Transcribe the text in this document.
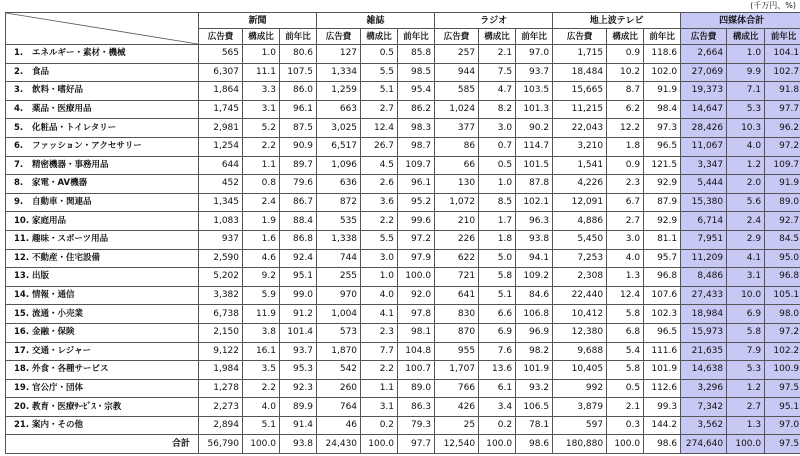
(千万円、%)
	新聞			雑誌			ラジオ			地上波テレビ			四媒体合計		
	広告費	構成比	前年比	広告費	構成比	前年比	広告費	構成比	前年比	広告費	構成比	前年比	広告費	構成比	前年比
1. エネルギー・素材・機械	565	1.0	80.6	127	0.5	85.8	257	2.1	97.0	1,715	0.9	118.6	2,664	1.0	104.1
2. 食品	6,307	11.1	107.5	1,334	5.5	98.5	944	7.5	93.7	18,484	10.2	102.0	27,069	9.9	102.7
3. 飲料・嗜好品	1,864	3.3	86.0	1,259	5.1	95.4	585	4.7	103.5	15,665	8.7	91.9	19,373	7.1	91.8
4. 薬品・医療用品	1,745	3.1	96.1	663	2.7	86.2	1,024	8.2	101.3	11,215	6.2	98.4	14,647	5.3	97.7
5. 化粧品・トイレタリー	2,981	5.2	87.5	3,025	12.4	98.3	377	3.0	90.2	22,043	12.2	97.3	28,426	10.3	96.2
6. ファッション・アクセサリー	1,254	2.2	90.9	6,517	26.7	98.7	86	0.7	114.7	3,210	1.8	96.5	11,067	4.0	97.2
7. 精密機器・事務用品	644	1.1	89.7	1,096	4.5	109.7	66	0.5	101.5	1,541	0.9	121.5	3,347	1.2	109.7
8. 家電・AV機器	452	0.8	79.6	636	2.6	96.1	130	1.0	87.8	4,226	2.3	92.9	5,444	2.0	91.9
9. 自動車・関連品	1,345	2.4	86.7	872	3.6	95.2	1,072	8.5	102.1	12,091	6.7	87.9	15,380	5.6	89.0
10. 家庭用品	1,083	1.9	88.4	535	2.2	99.6	210	1.7	96.3	4,886	2.7	92.9	6,714	2.4	92.7
11. 趣味・スポーツ用品	937	1.6	86.8	1,338	5.5	97.2	226	1.8	93.8	5,450	3.0	81.1	7,951	2.9	84.5
12. 不動産・住宅設備	2,590	4.6	92.4	744	3.0	97.9	622	5.0	94.1	7,253	4.0	95.7	11,209	4.1	95.0
13. 出版	5,202	9.2	95.1	255	1.0	100.0	721	5.8	109.2	2,308	1.3	96.8	8,486	3.1	96.8
14. 情報・通信	3,382	5.9	99.0	970	4.0	92.0	641	5.1	84.6	22,440	12.4	107.6	27,433	10.0	105.1
15. 流通・小売業	6,738	11.9	91.2	1,004	4.1	97.8	830	6.6	106.8	10,412	5.8	102.3	18,984	6.9	98.0
16. 金融・保険	2,150	3.8	101.4	573	2.3	98.1	870	6.9	96.9	12,380	6.8	96.5	15,973	5.8	97.2
17. 交通・レジャー	9,122	16.1	93.7	1,870	7.7	104.8	955	7.6	98.2	9,688	5.4	111.6	21,635	7.9	102.2
18. 外食・各種サービス	1,984	3.5	95.3	542	2.2	100.7	1,707	13.6	101.9	10,405	5.8	101.9	14,638	5.3	100.9
19. 官公庁・団体	1,278	2.2	92.3	260	1.1	89.0	766	6.1	93.2	992	0.5	112.6	3,296	1.2	97.5
20. 教育・医療ｻｰﾋﾞｽ・宗教	2,273	4.0	89.9	764	3.1	86.3	426	3.4	106.5	3,879	2.1	99.3	7,342	2.7	95.1
21. 案内・その他	2,894	5.1	91.4	46	0.2	79.3	25	0.2	78.1	597	0.3	144.2	3,562	1.3	97.0
合計	56,790	100.0	93.8	24,430	100.0	97.7	12,540	100.0	98.6	180,880	100.0	98.6	274,640	100.0	97.5
